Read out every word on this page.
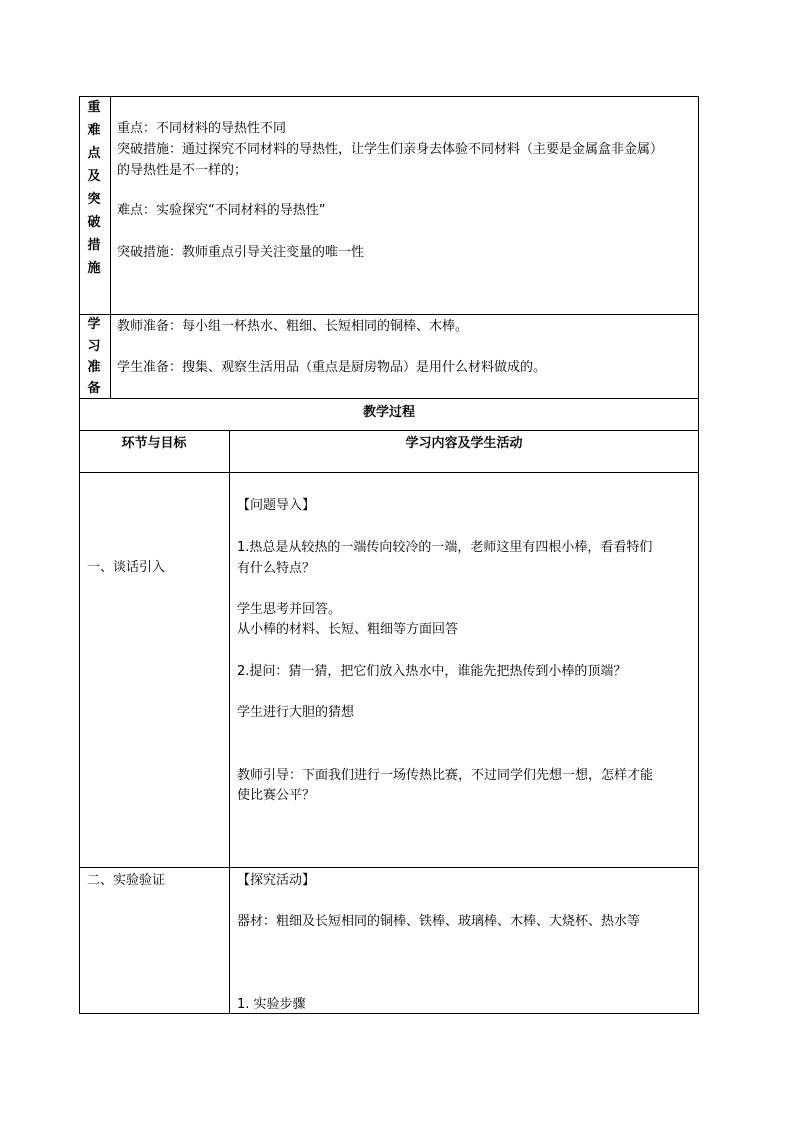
重
难
点
及
突
破
措
施
重点：不同材料的导热性不同
突破措施：通过探究不同材料的导热性，让学生们亲身去体验不同材料（主要是金属盒非金属）
的导热性是不一样的；
难点：实验探究“不同材料的导热性”
突破措施：教师重点引导关注变量的唯一性
学
习
准
备
教师准备：每小组一杯热水、粗细、长短相同的铜棒、木棒。
学生准备：搜集、观察生活用品（重点是厨房物品）是用什么材料做成的。
教学过程
环节与目标	学习内容及学生活动
一、谈话引入
【问题导入】
1.热总是从较热的一端传向较冷的一端，老师这里有四根小棒，看看特们
有什么特点？
学生思考并回答。
从小棒的材料、长短、粗细等方面回答
2.提问：猜一猜，把它们放入热水中，谁能先把热传到小棒的顶端？
学生进行大胆的猜想
教师引导：下面我们进行一场传热比赛，不过同学们先想一想，怎样才能
使比赛公平？
二、实验验证	【探究活动】
器材：粗细及长短相同的铜棒、铁棒、玻璃棒、木棒、大烧杯、热水等
1. 实验步骤
